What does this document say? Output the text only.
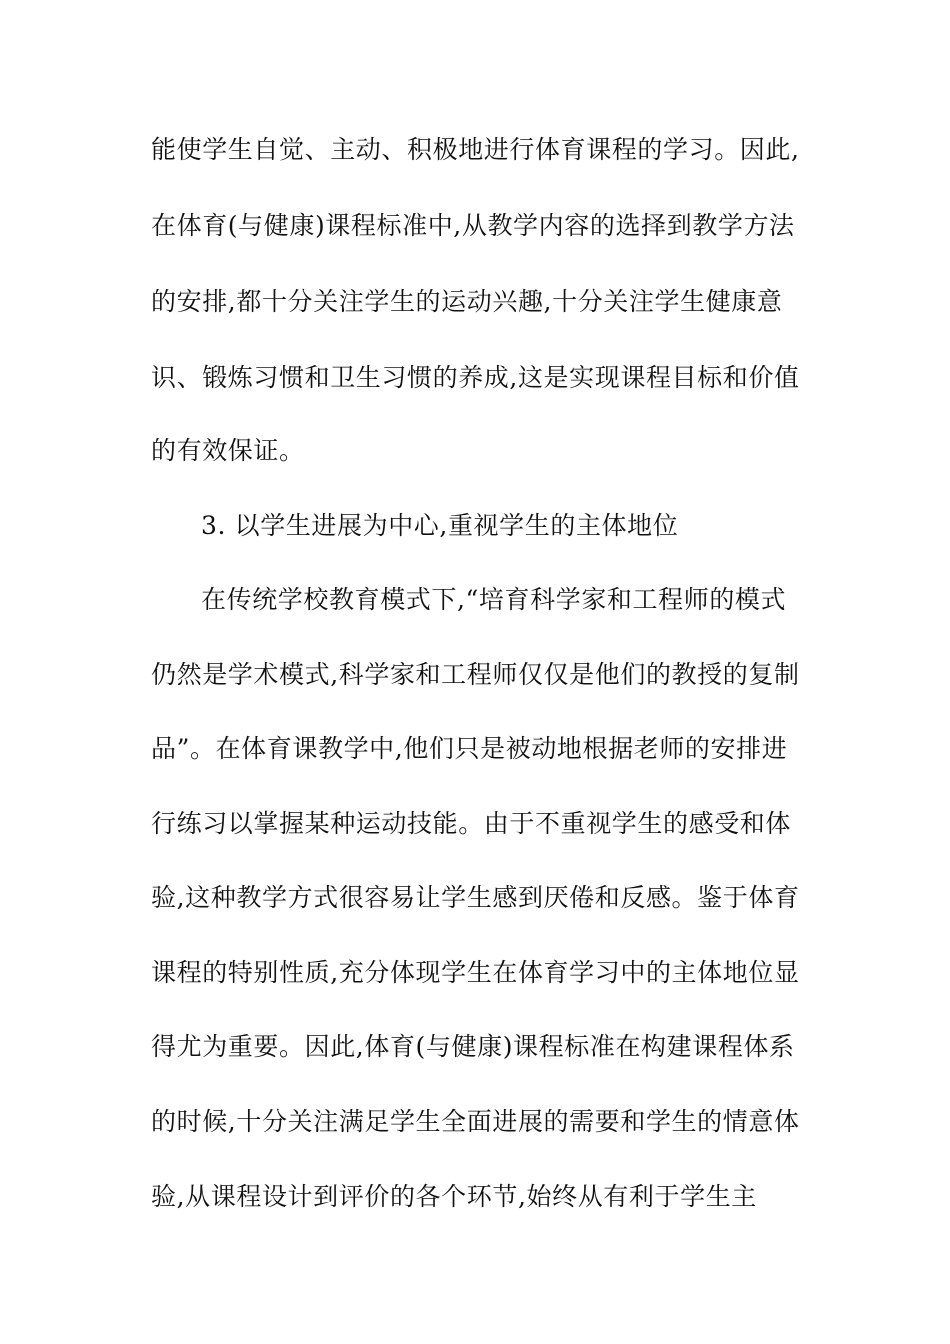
能使学生自觉、主动、积极地进行体育课程的学习。因此,
在体育(与健康)课程标准中,从教学内容的选择到教学方法
的安排,都十分关注学生的运动兴趣,十分关注学生健康意
识、锻炼习惯和卫生习惯的养成,这是实现课程目标和价值
的有效保证。
3. 以学生进展为中心,重视学生的主体地位
在传统学校教育模式下,“培育科学家和工程师的模式
仍然是学术模式,科学家和工程师仅仅是他们的教授的复制
品”。在体育课教学中,他们只是被动地根据老师的安排进
行练习以掌握某种运动技能。由于不重视学生的感受和体
验,这种教学方式很容易让学生感到厌倦和反感。鉴于体育
课程的特别性质,充分体现学生在体育学习中的主体地位显
得尤为重要。因此,体育(与健康)课程标准在构建课程体系
的时候,十分关注满足学生全面进展的需要和学生的情意体
验,从课程设计到评价的各个环节,始终从有利于学生主
